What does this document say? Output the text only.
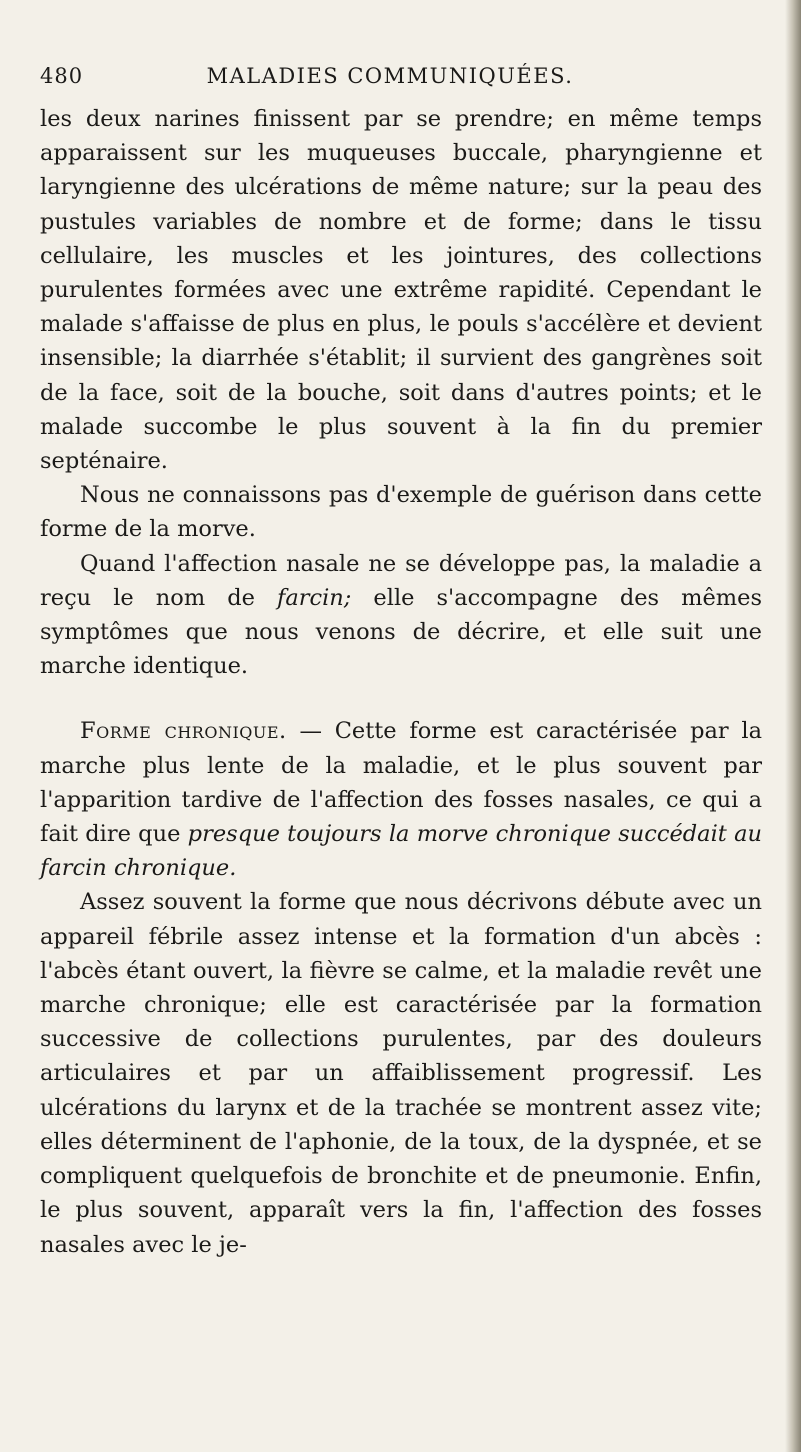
480	MALADIES COMMUNIQUÉES.

les deux narines finissent par se prendre; en même temps apparaissent sur les muqueuses buccale, pharyngienne et laryngienne des ulcérations de même nature; sur la peau des pustules variables de nombre et de forme; dans le tissu cellulaire, les muscles et les jointures, des collections purulentes formées avec une extrême rapidité. Cependant le malade s'affaisse de plus en plus, le pouls s'accélère et devient insensible; la diarrhée s'établit; il survient des gangrènes soit de la face, soit de la bouche, soit dans d'autres points; et le malade succombe le plus souvent à la fin du premier septénaire.

Nous ne connaissons pas d'exemple de guérison dans cette forme de la morve.

Quand l'affection nasale ne se développe pas, la maladie a reçu le nom de farcin; elle s'accompagne des mêmes symptômes que nous venons de décrire, et elle suit une marche identique.

Forme chronique. — Cette forme est caractérisée par la marche plus lente de la maladie, et le plus souvent par l'apparition tardive de l'affection des fosses nasales, ce qui a fait dire que presque toujours la morve chronique succédait au farcin chronique.

Assez souvent la forme que nous décrivons débute avec un appareil fébrile assez intense et la formation d'un abcès : l'abcès étant ouvert, la fièvre se calme, et la maladie revêt une marche chronique; elle est caractérisée par la formation successive de collections purulentes, par des douleurs articulaires et par un affaiblissement progressif. Les ulcérations du larynx et de la trachée se montrent assez vite; elles déterminent de l'aphonie, de la toux, de la dyspnée, et se compliquent quelquefois de bronchite et de pneumonie. Enfin, le plus souvent, apparaît vers la fin, l'affection des fosses nasales avec le je-
